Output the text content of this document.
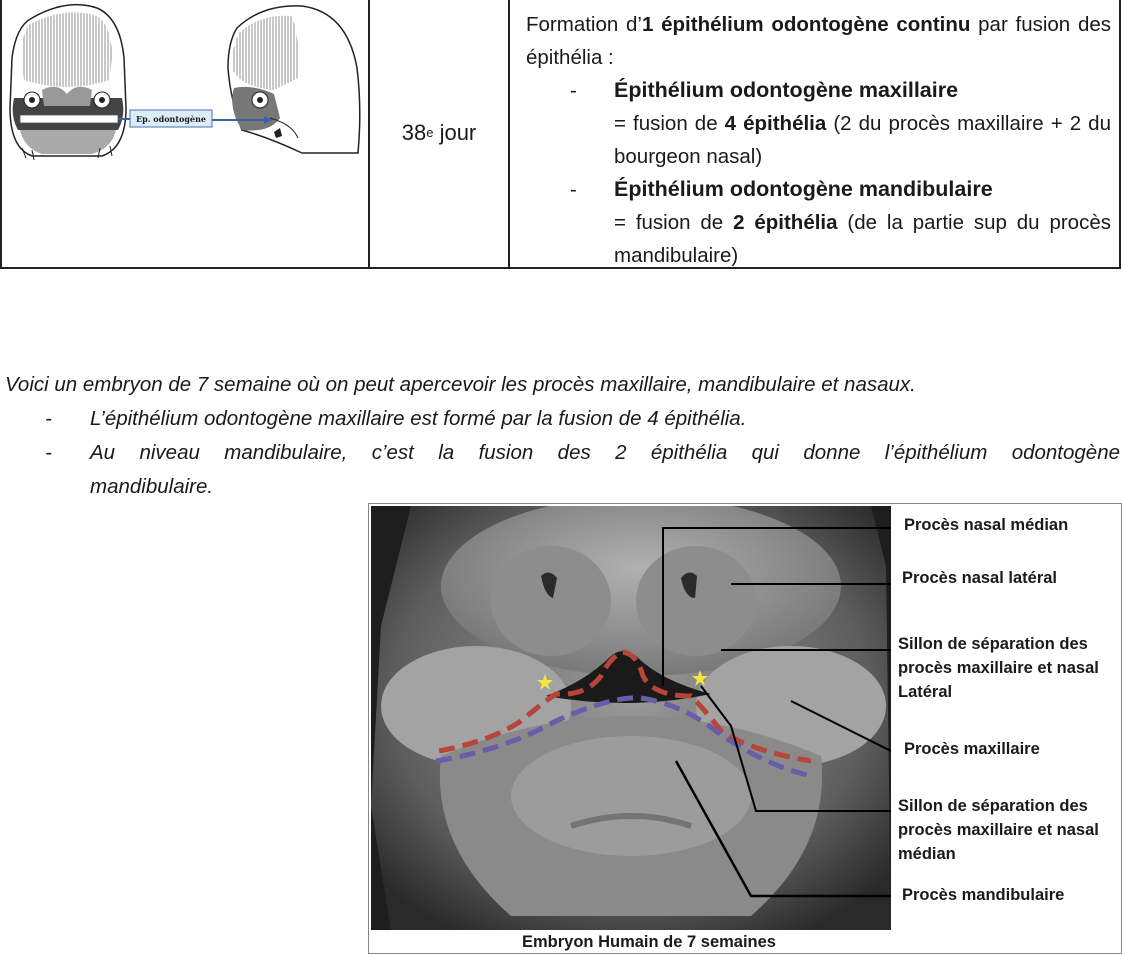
Ep. odontogène
38 e
jour
Formation d’1 épithélium odontogène continu par fusion des épithélia :
- Épithélium odontogène maxillaire
= fusion de 4 épithélia (2 du procès maxillaire + 2 du bourgeon nasal)
- Épithélium odontogène mandibulaire
= fusion de 2 épithélia (de la partie sup du procès mandibulaire)
Voici un embryon de 7 semaine où on peut apercevoir les procès maxillaire, mandibulaire et nasaux.
- L’épithélium odontogène maxillaire est formé par la fusion de 4 épithélia.
- Au niveau mandibulaire, c’est la fusion des 2 épithélia qui donne l’épithélium odontogène
mandibulaire.
Procès nasal médian
Procès nasal latéral
Sillon de séparation des
procès maxillaire et nasal
Latéral
Procès maxillaire
Sillon de séparation des
procès maxillaire et nasal
médian
Procès mandibulaire
Embryon Humain de 7 semaines
